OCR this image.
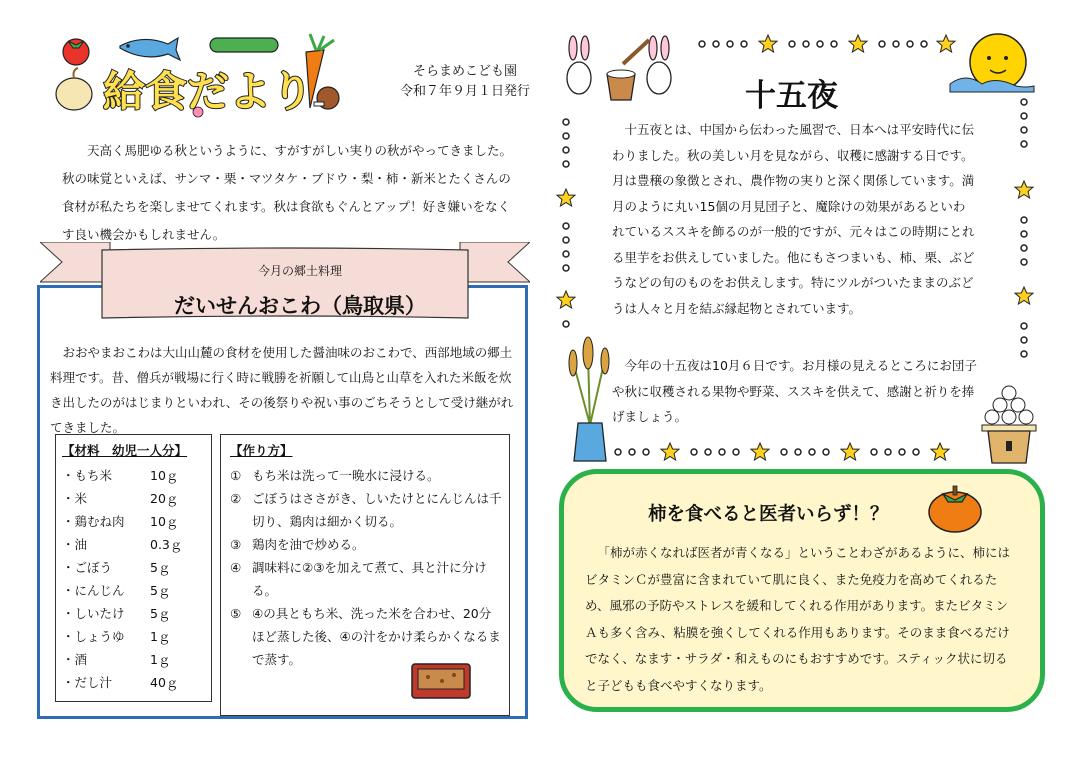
給食だより	そらまめこども園
令和７年９月１日発行
天高く馬肥ゆる秋というように、すがすがしい実りの秋がやってきました。秋の味覚といえば、サンマ・栗・マツタケ・ブドウ・梨・柿・新米とたくさんの食材が私たちを楽しませてくれます。秋は食欲もぐんとアップ！好き嫌いをなくす良い機会かもしれません。
今月の郷土料理
だいせんおこわ（鳥取県）
おおやまおこわは大山山麓の食材を使用した醤油味のおこわで、西部地域の郷土料理です。昔、僧兵が戦場に行く時に戦勝を祈願して山鳥と山草を入れた米飯を炊き出したのがはじまりといわれ、その後祭りや祝い事のごちそうとして受け継がれてきました。
【材料　幼児一人分】
・もち米	10ｇ
・米	20ｇ
・鶏むね肉	10ｇ
・油	0.3ｇ
・ごぼう	5ｇ
・にんじん	5ｇ
・しいたけ	5ｇ
・しょうゆ	1ｇ
・酒	1ｇ
・だし汁	40ｇ
【作り方】
① もち米は洗って一晩水に浸ける。
② ごぼうはささがき、しいたけとにんじんは千切り、鶏肉は細かく切る。
③ 鶏肉を油で炒める。
④ 調味料に②③を加えて煮て、具と汁に分ける。
⑤ ④の具ともち米、洗った米を合わせ、20分ほど蒸した後、④の汁をかけ柔らかくなるまで蒸す。
十五夜
十五夜とは、中国から伝わった風習で、日本へは平安時代に伝わりました。秋の美しい月を見ながら、収穫に感謝する日です。月は豊穣の象徴とされ、農作物の実りと深く関係しています。満月のように丸い15個の月見団子と、魔除けの効果があるといわれているススキを飾るのが一般的ですが、元々はこの時期にとれる里芋をお供えしていました。他にもさつまいも、柿、栗、ぶどうなどの旬のものをお供えします。特にツルがついたままのぶどうは人々と月を結ぶ縁起物とされています。
今年の十五夜は10月６日です。お月様の見えるところにお団子や秋に収穫される果物や野菜、ススキを供えて、感謝と祈りを捧げましょう。
柿を食べると医者いらず！？
「柿が赤くなれば医者が青くなる」ということわざがあるように、柿にはビタミンＣが豊富に含まれていて肌に良く、また免疫力を高めてくれるため、風邪の予防やストレスを緩和してくれる作用があります。またビタミンＡも多く含み、粘膜を強くしてくれる作用もあります。そのまま食べるだけでなく、なます・サラダ・和えものにもおすすめです。スティック状に切ると子どもも食べやすくなります。
